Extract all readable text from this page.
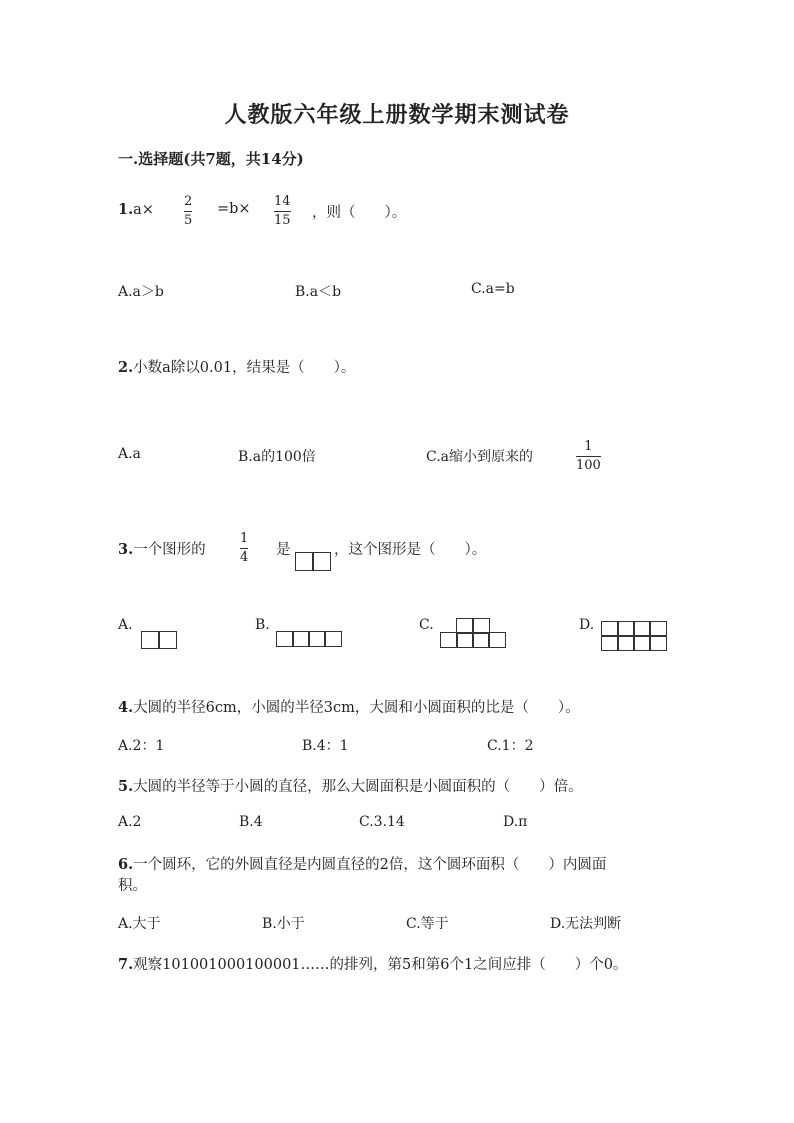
人教版六年级上册数学期末测试卷
一.选择题(共7题，共14分)
1.a×
2
5
=b× 14
15 ，则（　　）。
A.a＞b	B.a＜b	C.a=b
2.小数a除以0.01，结果是（　　）。
A.a	B.a的100倍	C.a缩小到原来的
1
100
3.一个图形的
1
4 是	，这个图形是（　　）。
A.	B.	C.	D.
4.大圆的半径6cm，小圆的半径3cm，大圆和小圆面积的比是（　　）。
A.2：1	B.4：1	C.1：2
5.大圆的半径等于小圆的直径，那么大圆面积是小圆面积的（　　）倍。
A.2	B.4	C.3.14	D.π
6.一个圆环，它的外圆直径是内圆直径的2倍，这个圆环面积（　　）内圆面
积。
A.大于	B.小于	C.等于	D.无法判断
7.观察101001000100001……的排列，第5和第6个1之间应排（　　）个0。
